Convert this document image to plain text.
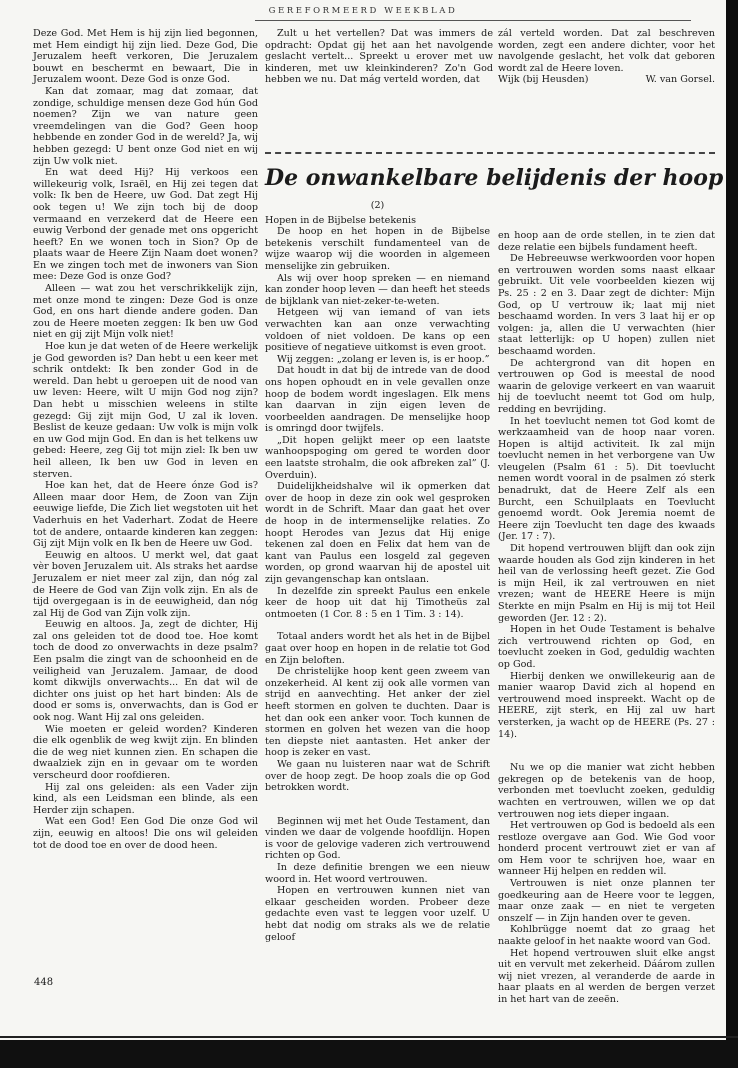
GEREFORMEERD WEEKBLAD

Deze God. Met Hem is hij zijn lied begonnen, met Hem eindigt hij zijn lied. Deze God, Die Jeruzalem heeft verkoren, Die Jeruzalem bouwt en beschermt en bewaart, Die in Jeruzalem woont. Deze God is onze God.

Kan dat zomaar, mag dat zomaar, dat zondige, schuldige mensen deze God hún God noemen? Zijn we van nature geen vreemdelingen van die God? Geen hoop hebbende en zonder God in de wereld? Ja, wij hebben gezegd: U bent onze God niet en wij zijn Uw volk niet.

En wat deed Hij? Hij verkoos een willekeurig volk, Israël, en Hij zei tegen dat volk: Ik ben de Heere, uw God. Dat zegt Hij ook tegen u! We zijn toch bij de doop vermaand en verzekerd dat de Heere een euwig Verbond der genade met ons opgericht heeft? En we wonen toch in Sion? Op de plaats waar de Heere Zijn Naam doet wonen? En we zingen toch met de inwoners van Sion mee: Deze God is onze God?

Alleen — wat zou het verschrikkelijk zijn, met onze mond te zingen: Deze God is onze God, en ons hart diende andere goden. Dan zou de Heere moeten zeggen: Ik ben uw God niet en gij zijt Mijn volk niet!

Hoe kun je dat weten of de Heere werkelijk je God geworden is? Dan hebt u een keer met schrik ontdekt: Ik ben zonder God in de wereld. Dan hebt u geroepen uit de nood van uw leven: Heere, wilt U mijn God nog zijn? Dan hebt u misschien weleens in stilte gezegd: Gij zijt mijn God, U zal ik loven. Beslist de keuze gedaan: Uw volk is mijn volk en uw God mijn God. En dan is het telkens uw gebed: Heere, zeg Gij tot mijn ziel: Ik ben uw heil alleen, Ik ben uw God in leven en sterven.

Hoe kan het, dat de Heere ónze God is? Alleen maar door Hem, de Zoon van Zijn eeuwige liefde, Die Zich liet wegstoten uit het Vaderhuis en het Vaderhart. Zodat de Heere tot de andere, ontaarde kinderen kan zeggen: Gij zijt Mijn volk en Ik ben de Heere uw God.

Eeuwig en altoos. U merkt wel, dat gaat vèr boven Jeruzalem uit. Als straks het aardse Jeruzalem er niet meer zal zijn, dan nóg zal de Heere de God van Zijn volk zijn. En als de tijd overgegaan is in de eeuwigheid, dan nóg zal Hij de God van Zijn volk zijn.

Eeuwig en altoos. Ja, zegt de dichter, Hij zal ons geleiden tot de dood toe. Hoe komt toch de dood zo onverwachts in deze psalm? Een psalm die zingt van de schoonheid en de veiligheid van Jeruzalem. Jamaar, de dood komt dikwijls onverwachts... En dat wil de dichter ons juist op het hart binden: Als de dood er soms is, onverwachts, dan is God er ook nog. Want Hij zal ons geleiden.

Wie moeten er geleid worden? Kinderen die elk ogenblik de weg kwijt zijn. En blinden die de weg niet kunnen zien. En schapen die dwaalziek zijn en in gevaar om te worden verscheurd door roofdieren.

Hij zal ons geleiden: als een Vader zijn kind, als een Leidsman een blinde, als een Herder zijn schapen.

Wat een God! Een God Die onze God wil zijn, eeuwig en altoos! Die ons wil geleiden tot de dood toe en over de dood heen.

Zult u het vertellen? Dat was immers de opdracht: Opdat gij het aan het navolgende geslacht vertelt... Spreekt u erover met uw kinderen, met uw kleinkinderen? Zo'n God hebben we nu. Dat mág verteld worden, dat

zál verteld worden. Dat zal beschreven worden, zegt een andere dichter, voor het navolgende geslacht, het volk dat geboren wordt zal de Heere loven.

Wijk (bij Heusden)	W. van Gorsel.
De onwankelbare belijdenis der hoop

(2)

Hopen in de Bijbelse betekenis

De hoop en het hopen in de Bijbelse betekenis verschilt fundamenteel van de wijze waarop wij die woorden in algemeen menselijke zin gebruiken.

Als wij over hoop spreken — en niemand kan zonder hoop leven — dan heeft het steeds de bijklank van niet-zeker-te-weten.

Hetgeen wij van iemand of van iets verwachten kan aan onze verwachting voldoen of niet voldoen. De kans op een positieve of negatieve uitkomst is even groot.

Wij zeggen: „zolang er leven is, is er hoop.”

Dat houdt in dat bij de intrede van de dood ons hopen ophoudt en in vele gevallen onze hoop de bodem wordt ingeslagen. Elk mens kan daarvan in zijn eigen leven de voorbeelden aandragen. De menselijke hoop is omringd door twijfels.

„Dit hopen gelijkt meer op een laatste wanhoopspoging om gered te worden door een laatste strohalm, die ook afbreken zal” (J. Overduin).

Duidelijkheidshalve wil ik opmerken dat over de hoop in deze zin ook wel gesproken wordt in de Schrift. Maar dan gaat het over de hoop in de intermenselijke relaties. Zo hoopt Herodes van Jezus dat Hij enige tekenen zal doen en Felix dat hem van de kant van Paulus een losgeld zal gegeven worden, op grond waarvan hij de apostel uit zijn gevangenschap kan ontslaan.

In dezelfde zin spreekt Paulus een enkele keer de hoop uit dat hij Timotheüs zal ontmoeten (1 Cor. 8 : 5 en 1 Tim. 3 : 14).

Totaal anders wordt het als het in de Bijbel gaat over hoop en hopen in de relatie tot God en Zijn beloften.

De christelijke hoop kent geen zweem van onzekerheid. Al kent zij ook alle vormen van strijd en aanvechting. Het anker der ziel heeft stormen en golven te duchten. Daar is het dan ook een anker voor. Toch kunnen de stormen en golven het wezen van die hoop ten diepste niet aantasten. Het anker der hoop is zeker en vast.

We gaan nu luisteren naar wat de Schrift over de hoop zegt. De hoop zoals die op God betrokken wordt.

Beginnen wij met het Oude Testament, dan vinden we daar de volgende hoofdlijn. Hopen is voor de gelovige vaderen zich vertrouwend richten op God.

In deze definitie brengen we een nieuw woord in. Het woord vertrouwen.

Hopen en vertrouwen kunnen niet van elkaar gescheiden worden. Probeer deze gedachte even vast te leggen voor uzelf. U hebt dat nodig om straks als we de relatie geloof

en hoop aan de orde stellen, in te zien dat deze relatie een bijbels fundament heeft.

De Hebreeuwse werkwoorden voor hopen en vertrouwen worden soms naast elkaar gebruikt. Uit vele voorbeelden kiezen wij Ps. 25 : 2 en 3. Daar zegt de dichter: Mijn God, op U vertrouw ik; laat mij niet beschaamd worden. In vers 3 laat hij er op volgen: ja, allen die U verwachten (hier staat letterlijk: op U hopen) zullen niet beschaamd worden.

De achtergrond van dit hopen en vertrouwen op God is meestal de nood waarin de gelovige verkeert en van waaruit hij de toevlucht neemt tot God om hulp, redding en bevrijding.

In het toevlucht nemen tot God komt de werkzaamheid van de hoop naar voren. Hopen is altijd activiteit. Ik zal mijn toevlucht nemen in het verborgene van Uw vleugelen (Psalm 61 : 5). Dit toevlucht nemen wordt vooral in de psalmen zó sterk benadrukt, dat de Heere Zelf als een Burcht, een Schuilplaats en Toevlucht genoemd wordt. Ook Jeremia noemt de Heere zijn Toevlucht ten dage des kwaads (Jer. 17 : 7).

Dit hopend vertrouwen blijft dan ook zijn waarde houden als God zijn kinderen in het heil van de verlossing heeft gezet. Zie God is mijn Heil, ik zal vertrouwen en niet vrezen; want de HEERE Heere is mijn Sterkte en mijn Psalm en Hij is mij tot Heil geworden (Jer. 12 : 2).

Hopen in het Oude Testament is behalve zich vertrouwend richten op God, en toevlucht zoeken in God, geduldig wachten op God.

Hierbij denken we onwillekeurig aan de manier waarop David zich al hopend en vertrouwend moed inspreekt. Wacht op de HEERE, zijt sterk, en Hij zal uw hart versterken, ja wacht op de HEERE (Ps. 27 : 14).

Nu we op die manier wat zicht hebben gekregen op de betekenis van de hoop, verbonden met toevlucht zoeken, geduldig wachten en vertrouwen, willen we op dat vertrouwen nog iets dieper ingaan.

Het vertrouwen op God is bedoeld als een restloze overgave aan God. Wie God voor honderd procent vertrouwt ziet er van af om Hem voor te schrijven hoe, waar en wanneer Hij helpen en redden wil.

Vertrouwen is niet onze plannen ter goedkeuring aan de Heere voor te leggen, maar onze zaak — en niet te vergeten onszelf — in Zijn handen over te geven.

Kohlbrügge noemt dat zo graag het naakte geloof in het naakte woord van God.

Het hopend vertrouwen sluit elke angst uit en vervult met zekerheid. Dáárom zullen wij niet vrezen, al veranderde de aarde in haar plaats en al werden de bergen verzet in het hart van de zeeën.

448
